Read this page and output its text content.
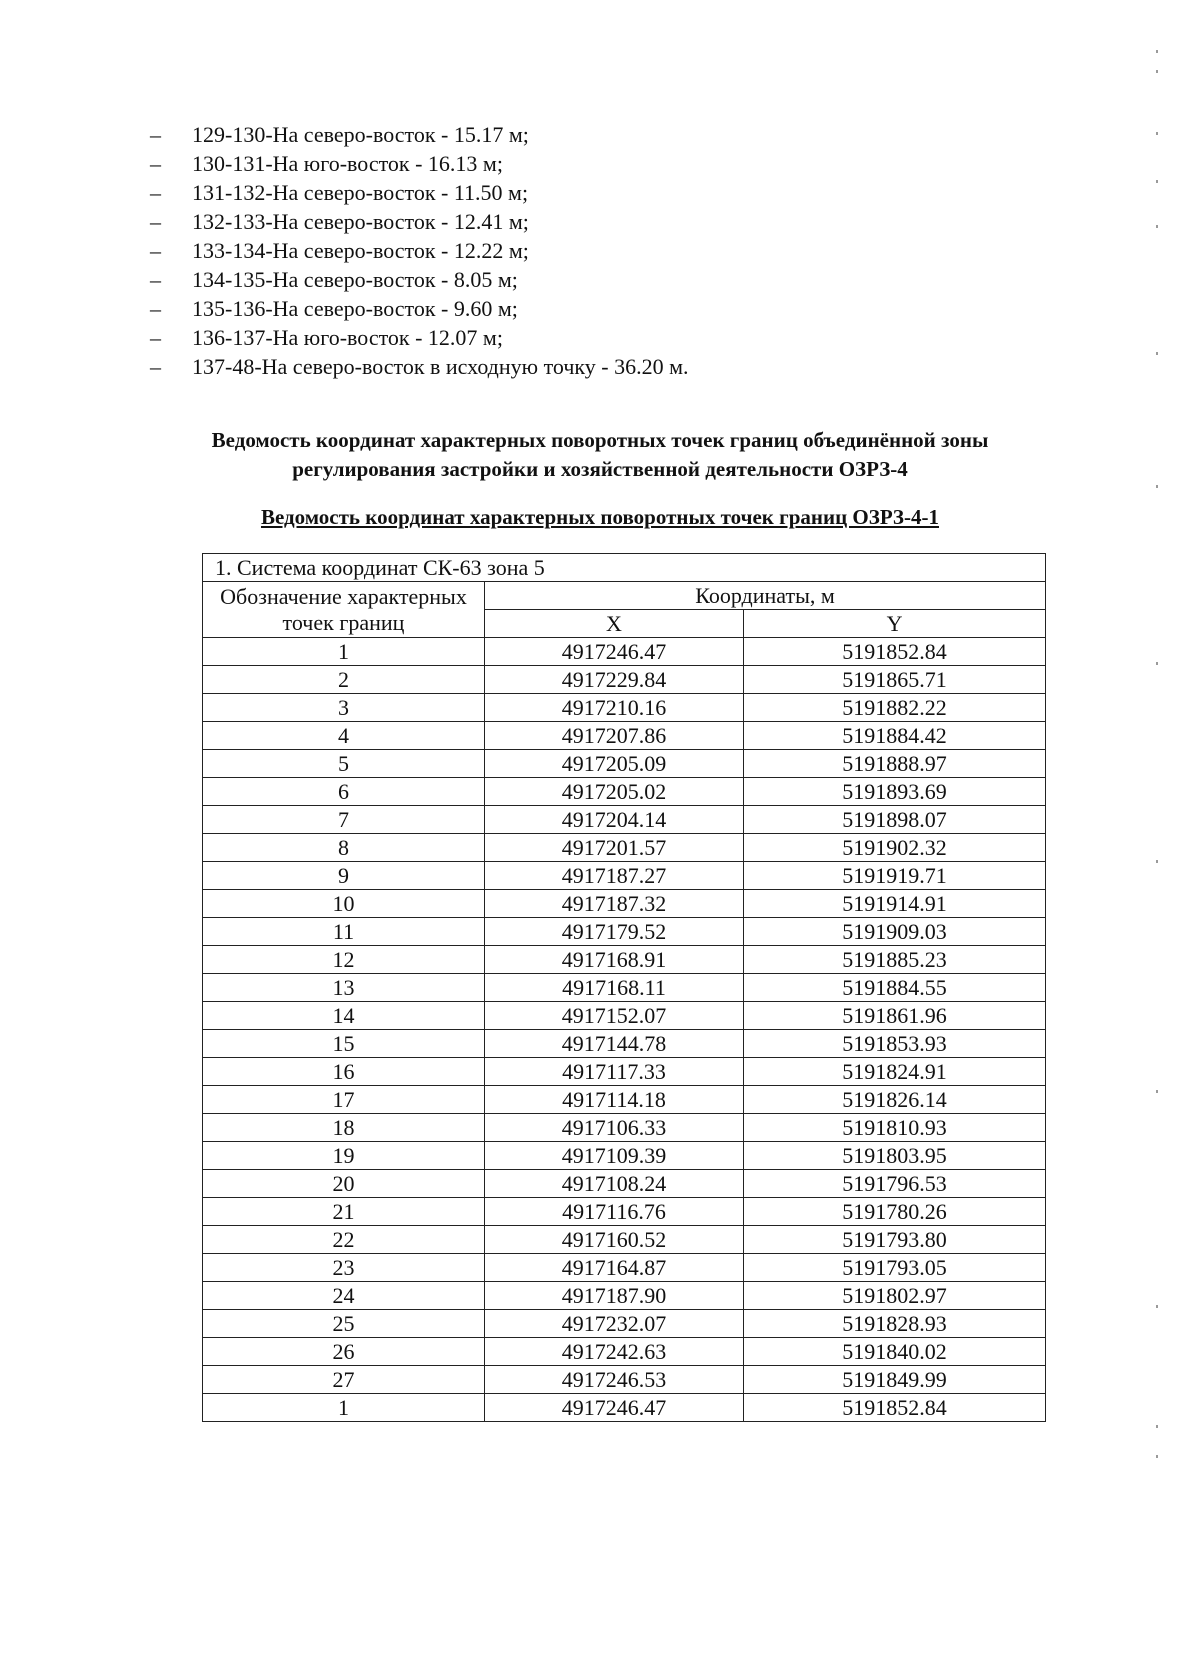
–	129-130-На северо-восток - 15.17 м;
–	130-131-На юго-восток - 16.13 м;
–	131-132-На северо-восток - 11.50 м;
–	132-133-На северо-восток - 12.41 м;
–	133-134-На северо-восток - 12.22 м;
–	134-135-На северо-восток - 8.05 м;
–	135-136-На северо-восток - 9.60 м;
–	136-137-На юго-восток - 12.07 м;
–	137-48-На северо-восток в исходную точку - 36.20 м.
Ведомость координат характерных поворотных точек границ объединённой зоны
регулирования застройки и хозяйственной деятельности ОЗРЗ-4
Ведомость координат характерных поворотных точек границ ОЗРЗ-4-1
1. Система координат СК-63 зона 5		

Обозначение характерных
точек границ	Координаты, м	
	X	Y
1	4917246.47	5191852.84
2	4917229.84	5191865.71
3	4917210.16	5191882.22
4	4917207.86	5191884.42
5	4917205.09	5191888.97
6	4917205.02	5191893.69
7	4917204.14	5191898.07
8	4917201.57	5191902.32
9	4917187.27	5191919.71
10	4917187.32	5191914.91
11	4917179.52	5191909.03
12	4917168.91	5191885.23
13	4917168.11	5191884.55
14	4917152.07	5191861.96
15	4917144.78	5191853.93
16	4917117.33	5191824.91
17	4917114.18	5191826.14
18	4917106.33	5191810.93
19	4917109.39	5191803.95
20	4917108.24	5191796.53
21	4917116.76	5191780.26
22	4917160.52	5191793.80
23	4917164.87	5191793.05
24	4917187.90	5191802.97
25	4917232.07	5191828.93
26	4917242.63	5191840.02
27	4917246.53	5191849.99
1	4917246.47	5191852.84
